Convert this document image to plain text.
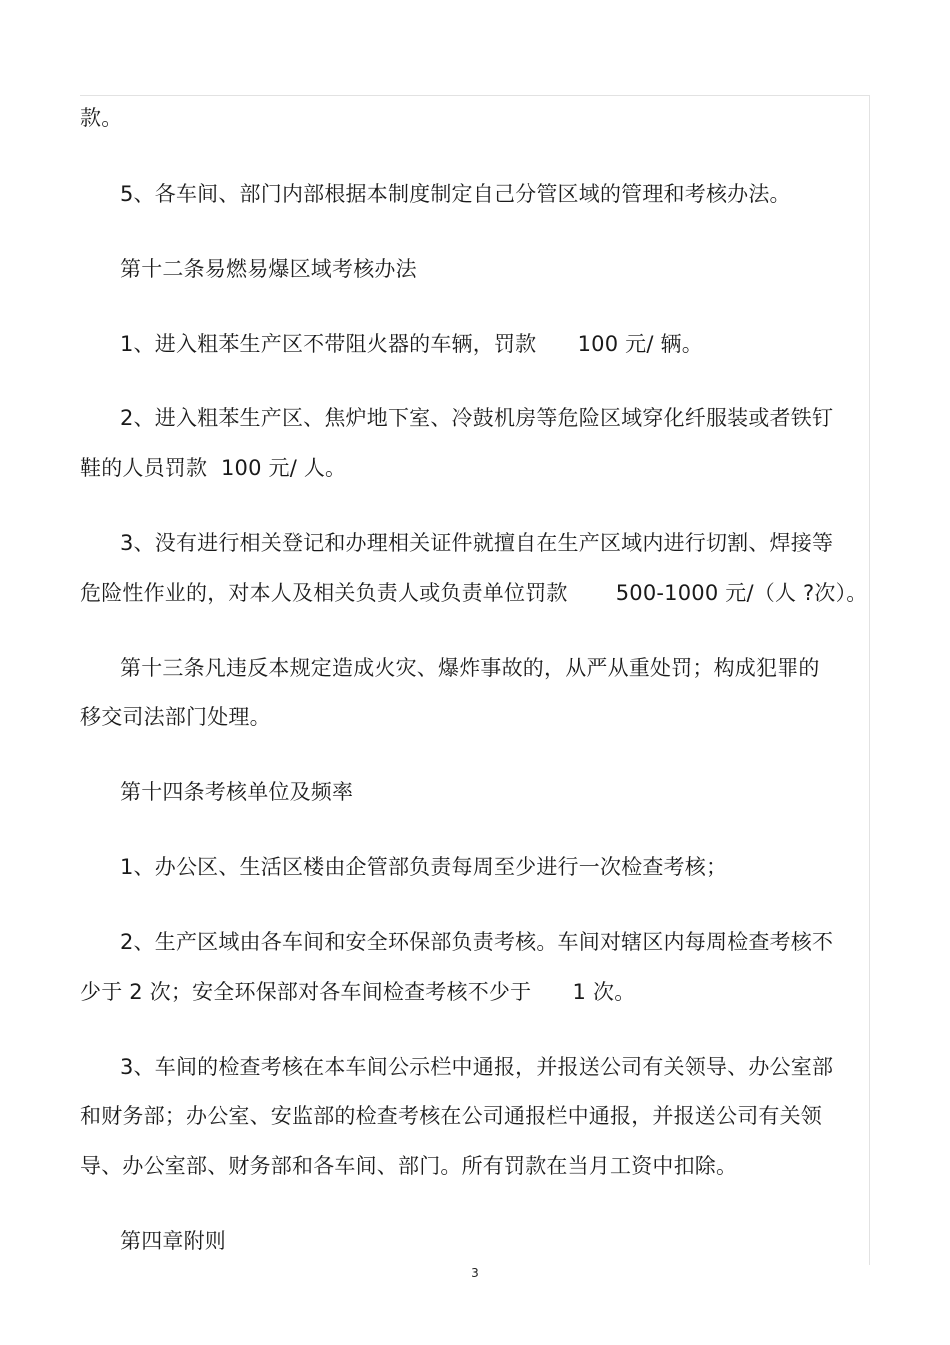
款。
5、各车间、部门内部根据本制度制定自己分管区域的管理和考核办法。
第十二条易燃易爆区域考核办法
1、进入粗苯生产区不带阻火器的车辆，罚款      100 元/ 辆。
2、进入粗苯生产区、焦炉地下室、冷鼓机房等危险区域穿化纤服装或者铁钉
鞋的人员罚款  100 元/ 人。
3、没有进行相关登记和办理相关证件就擅自在生产区域内进行切割、焊接等
危险性作业的，对本人及相关负责人或负责单位罚款       500-1000 元/（人 ?次）。
第十三条凡违反本规定造成火灾、爆炸事故的，从严从重处罚；构成犯罪的
移交司法部门处理。
第十四条考核单位及频率
1、办公区、生活区楼由企管部负责每周至少进行一次检查考核；
2、生产区域由各车间和安全环保部负责考核。车间对辖区内每周检查考核不
少于 2 次；安全环保部对各车间检查考核不少于      1 次。
3、车间的检查考核在本车间公示栏中通报，并报送公司有关领导、办公室部
和财务部；办公室、安监部的检查考核在公司通报栏中通报，并报送公司有关领
导、办公室部、财务部和各车间、部门。所有罚款在当月工资中扣除。
第四章附则
3
